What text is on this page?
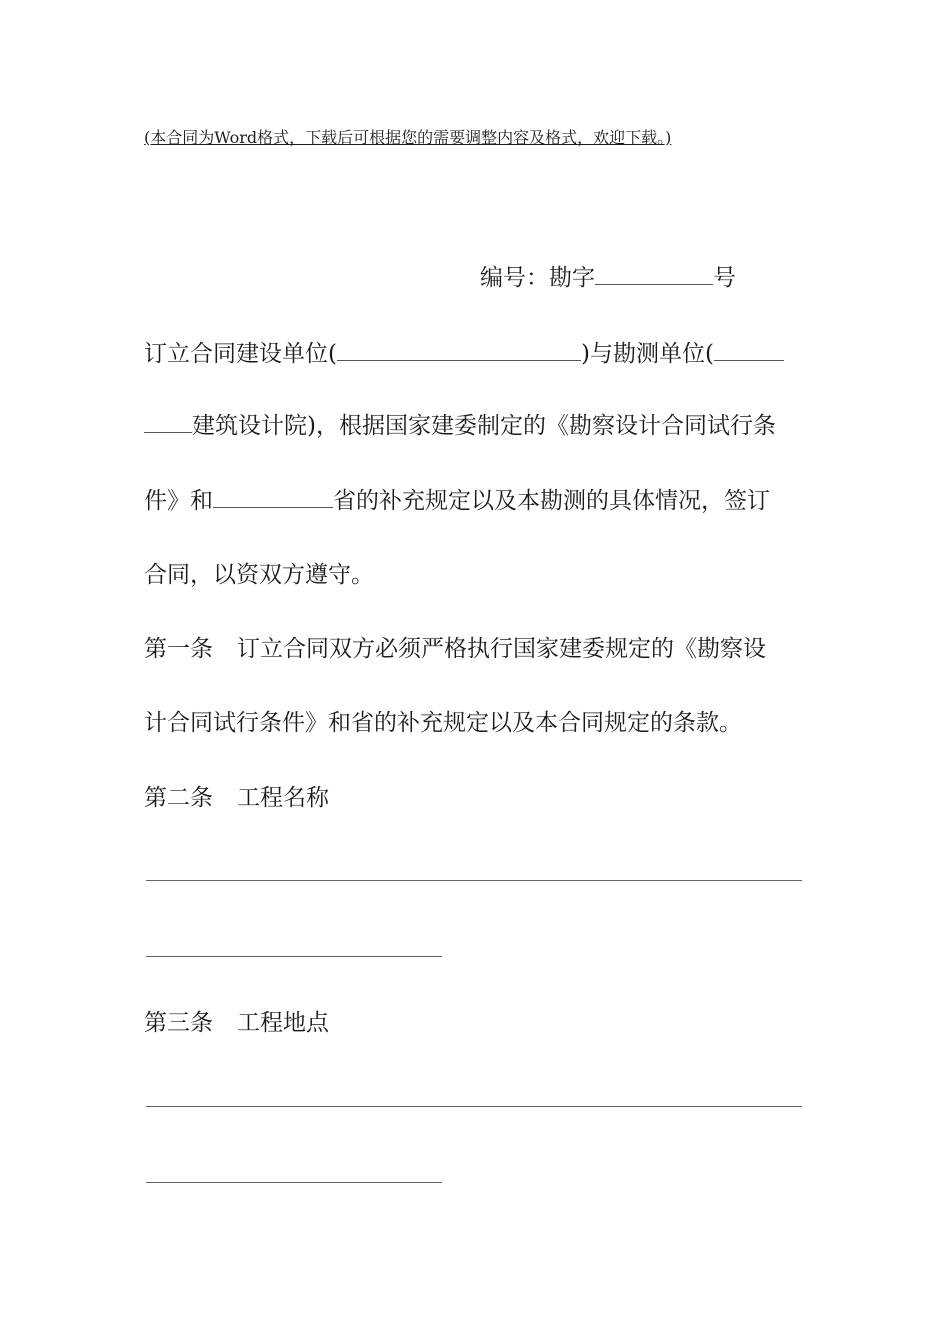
(本合同为Word格式，下载后可根据您的需要调整内容及格式，欢迎下载。)
编号：勘字	号
订立合同建设单位(	)与勘测单位(
建筑设计院)，根据国家建委制定的《勘察设计合同试行条
件》和	省的补充规定以及本勘测的具体情况，签订
合同，以资双方遵守。
第一条 订立合同双方必须严格执行国家建委规定的《勘察设
计合同试行条件》和省的补充规定以及本合同规定的条款。
第二条 工程名称
第三条 工程地点
